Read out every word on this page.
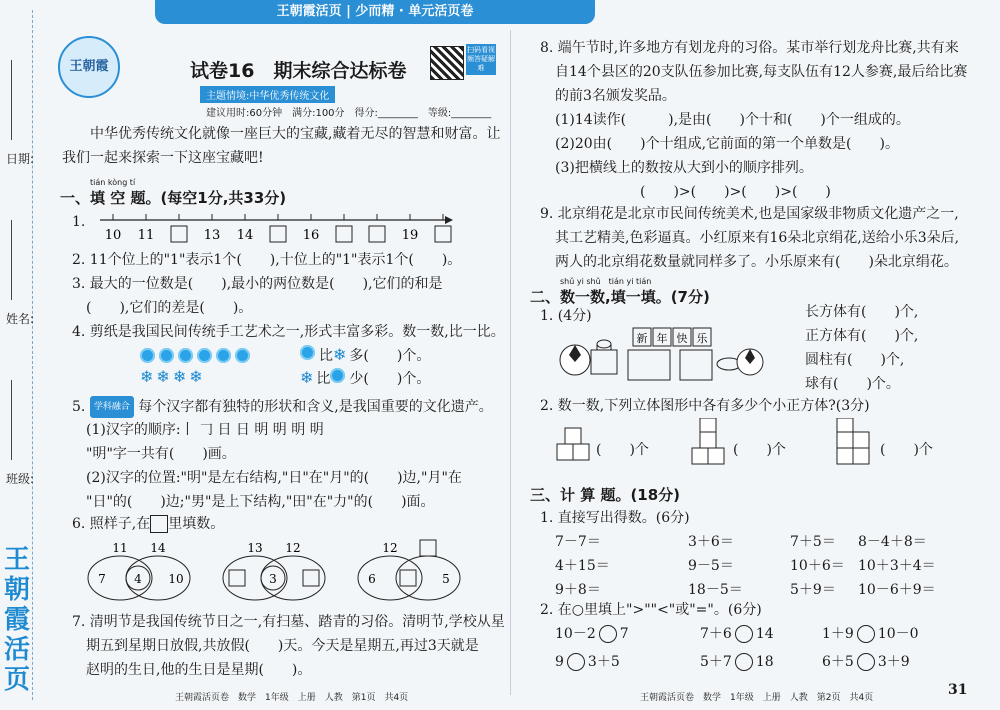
日期:
姓名:
班级:
王朝霞活页
王朝霞活页 | 少而精 · 单元活页卷
王朝霞	试卷16　期末综合达标卷
扫码看视频答疑解难
主题情境:中华优秀传统文化
建议用时:60分钟　满分:100分　得分:________　等级:________
中华优秀传统文化就像一座巨大的宝藏,藏着无尽的智慧和财富。让
我们一起来探索一下这座宝藏吧!
tián kòng tí
一、填 空 题。(每空1分,共33分)
1.
10 11	13 14	16	19
2. 11个位上的"1"表示1个(　　),十位上的"1"表示1个(　　)。
3. 最大的一位数是(　　),最小的两位数是(　　),它们的和是
(　　),它们的差是(　　)。
4. 剪纸是我国民间传统手工艺术之一,形式丰富多彩。数一数,比一比。
❄ ❄ ❄ ❄
比❄ 多(　　)个。
❄ 比 少(　　)个。
5. 学科融合 每个汉字都有独特的形状和含义,是我国重要的文化遗产。
(1)汉字的顺序:丨 𠃌 日 日 明 明 明 明
"明"字一共有(　　)画。
(2)汉字的位置:"明"是左右结构,"日"在"月"的(　　)边,"月"在
"日"的(　　)边;"男"是上下结构,"田"在"力"的(　　)面。
6. 照样子,在 里填数。
11 14
7 4 10
13 12
3
12
6	5
7. 清明节是我国传统节日之一,有扫墓、踏青的习俗。清明节,学校从星
期五到星期日放假,共放假(　　)天。今天是星期五,再过3天就是
赵明的生日,他的生日是星期(　　)。
王朝霞活页卷　数学　1年级　上册　人教　第1页　共4页
8. 端午节时,许多地方有划龙舟的习俗。某市举行划龙舟比赛,共有来
自14个县区的20支队伍参加比赛,每支队伍有12人参赛,最后给比赛
的前3名颁发奖品。
(1)14读作(　　　),是由(　　)个十和(　　)个一组成的。
(2)20由(　　)个十组成,它前面的第一个单数是(　　)。
(3)把横线上的数按从大到小的顺序排列。
(　　)>(　　)>(　　)>(　　)
9. 北京绢花是北京市民间传统美术,也是国家级非物质文化遗产之一,
其工艺精美,色彩逼真。小红原来有16朵北京绢花,送给小乐3朵后,
两人的北京绢花数量就同样多了。小乐原来有(　　)朵北京绢花。
shǔ yi shǔ　tián yi tián
二、数一数,填一填。(7分)
1. (4分)
新 年 快 乐
长方体有(　　)个,
正方体有(　　)个,
圆柱有(　　)个,
球有(　　)个。
2. 数一数,下列立体图形中各有多少个小正方体?(3分)
(　　)个	(　　)个	(　　)个
三、计 算 题。(18分)
1. 直接写出得数。(6分)
7－7＝	3＋6＝	7＋5＝ 8－4＋8＝
4＋15＝	9－5＝	10＋6＝ 10＋3＋4＝
9＋8＝	18－5＝	5＋9＝ 10－6＋9＝
2. 在○里填上">""<"或"="。(6分)
10－2 7	7＋6 14	1＋9 10－0
9 3＋5	5＋7 18	6＋5 3＋9
王朝霞活页卷　数学　1年级　上册　人教　第2页　共4页	31
